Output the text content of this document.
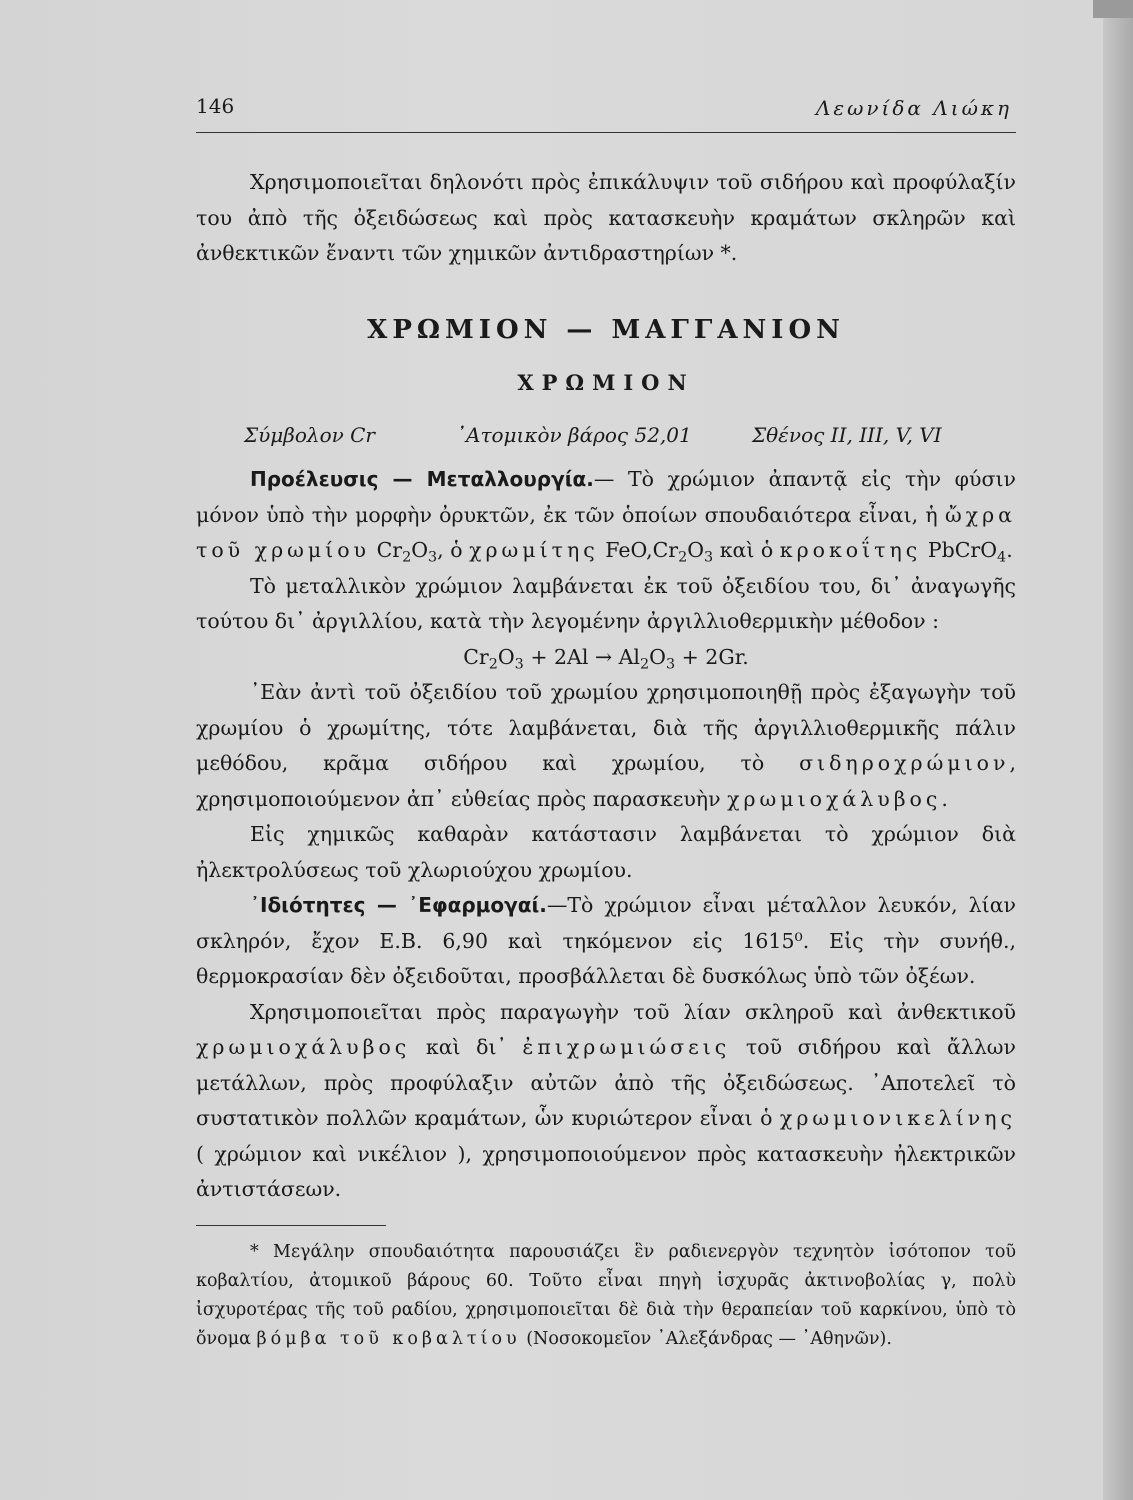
146	Λεωνίδα Λιώκη

Χρησιμοποιεῖται δηλονότι πρὸς ἐπικάλυψιν τοῦ σιδήρου καὶ προφύλαξίν του ἀπὸ τῆς ὀξειδώσεως καὶ πρὸς κατασκευὴν κραμάτων σκληρῶν καὶ ἀνθεκτικῶν ἔναντι τῶν χημικῶν ἀντιδραστηρίων *.

ΧΡΩΜΙΟΝ — ΜΑΓΓΑΝΙΟΝ
ΧΡΩΜΙΟΝ
Σύμβολον Cr	᾿Ατομικὸν βάρος 52,01	Σθένος II, III, V, VI

Προέλευσις — Μεταλλουργία.— Τὸ χρώμιον ἀπαντᾷ εἰς τὴν φύσιν μόνον ὑπὸ τὴν μορφὴν ὀρυκτῶν, ἐκ τῶν ὁποίων σπουδαιότερα εἶναι, ἡ ὤχρα τοῦ χρωμίου $Cr_2O_3$, ὁ χρωμίτης $FeO,Cr_2O_3$ καὶ ὁ κροκοΐτης PbCrO$_4$.

Τὸ μεταλλικὸν χρώμιον λαμβάνεται ἐκ τοῦ ὀξειδίου του, δι᾿ ἀναγωγῆς τούτου δι᾿ ἀργιλλίου, κατὰ τὴν λεγομένην ἀργιλλιοθερμικὴν μέθοδον :

$Cr_2O_3 + 2Al \to Al_2O_3 + 2Gr$.

᾿Εὰν ἀντὶ τοῦ ὀξειδίου τοῦ χρωμίου χρησιμοποιηθῇ πρὸς ἐξαγωγὴν τοῦ χρωμίου ὁ χρωμίτης, τότε λαμβάνεται, διὰ τῆς ἀργιλλιοθερμικῆς πάλιν μεθόδου, κρᾶμα σιδήρου καὶ χρωμίου, τὸ σιδηροχρώμιον, χρησιμοποιούμενον ἀπ᾿ εὐθείας πρὸς παρασκευὴν χρωμιοχάλυβος.

Εἰς χημικῶς καθαρὰν κατάστασιν λαμβάνεται τὸ χρώμιον διὰ ἠλεκτρολύσεως τοῦ χλωριούχου χρωμίου.

᾿Ιδιότητες — ᾿Εφαρμογαί.—Τὸ χρώμιον εἶναι μέταλλον λευκόν, λίαν σκληρόν, ἔχον Ε.Β. 6,90 καὶ τηκόμενον εἰς 1615⁰. Εἰς τὴν συνήθ., θερμοκρασίαν δὲν ὀξειδοῦται, προσβάλλεται δὲ δυσκόλως ὑπὸ τῶν ὀξέων.

Χρησιμοποιεῖται πρὸς παραγωγὴν τοῦ λίαν σκληροῦ καὶ ἀνθεκτικοῦ χρωμιοχάλυβος καὶ δι᾿ ἐπιχρωμιώσεις τοῦ σιδήρου καὶ ἄλλων μετάλλων, πρὸς προφύλαξιν αὐτῶν ἀπὸ τῆς ὀξειδώσεως. ᾿Αποτελεῖ τὸ συστατικὸν πολλῶν κραμάτων, ὧν κυριώτερον εἶναι ὁ χρωμιονικελίνης ( χρώμιον καὶ νικέλιον ), χρησιμοποιούμενον πρὸς κατασκευὴν ἠλεκτρικῶν ἀντιστάσεων.

* Μεγάλην σπουδαιότητα παρουσιάζει ἓν ραδιενεργὸν τεχνητὸν ἰσότοπον τοῦ κοβαλτίου, ἀτομικοῦ βάρους 60. Τοῦτο εἶναι πηγὴ ἰσχυρᾶς ἀκτινοβολίας γ, πολὺ ἰσχυροτέρας τῆς τοῦ ραδίου, χρησιμοποιεῖται δὲ διὰ τὴν θεραπείαν τοῦ καρκίνου, ὑπὸ τὸ ὄνομα βόμβα τοῦ κοβαλτίου (Νοσοκομεῖον ᾿Αλεξάνδρας — ᾿Αθηνῶν).
